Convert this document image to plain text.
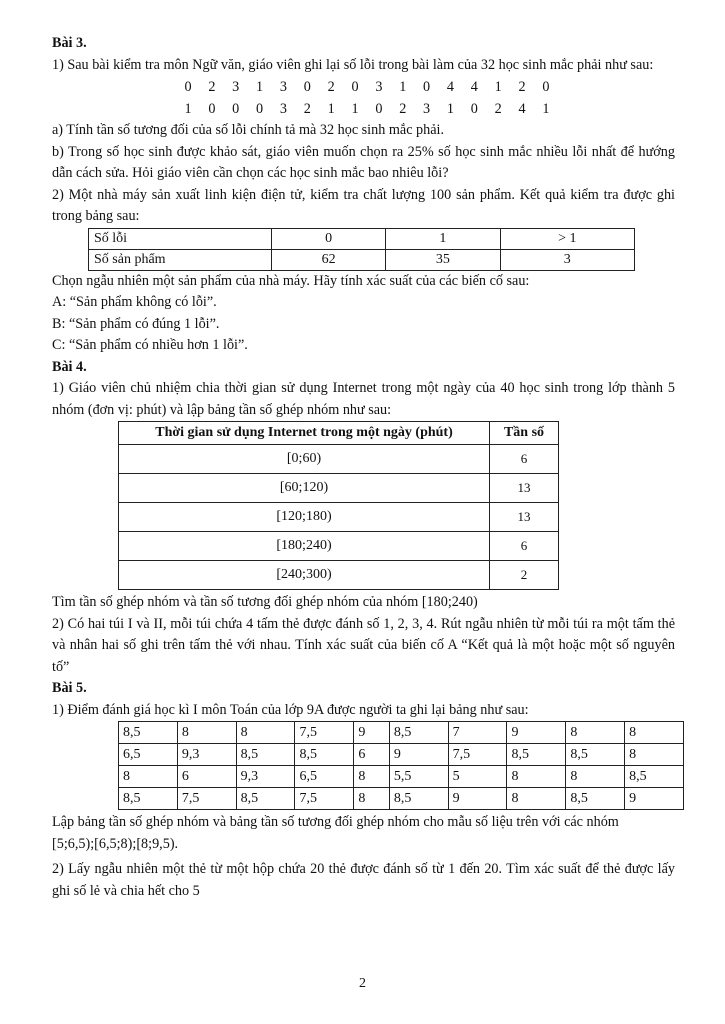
Bài 3.

1) Sau bài kiểm tra môn Ngữ văn, giáo viên ghi lại số lỗi trong bài làm của 32 học sinh mắc phải như sau:

0 2 3 1 3 0 2 0 3 1 0 4 4 1 2 0
1 0 0 0 3 2 1 1 0 2 3 1 0 2 4 1

a) Tính tần số tương đối của số lỗi chính tả mà 32 học sinh mắc phải.

b) Trong số học sinh được khảo sát, giáo viên muốn chọn ra 25% số học sinh mắc nhiều lỗi nhất để hướng dẫn cách sửa. Hỏi giáo viên cần chọn các học sinh mắc bao nhiêu lỗi?

2) Một nhà máy sản xuất linh kiện điện tử, kiểm tra chất lượng 100 sản phẩm. Kết quả kiểm tra được ghi trong bảng sau:

Số lỗi	0	1	> 1
Số sản phẩm	62	35	3

Chọn ngẫu nhiên một sản phẩm của nhà máy. Hãy tính xác suất của các biến cố sau:

A: “Sản phẩm không có lỗi”.

B: “Sản phẩm có đúng 1 lỗi”.

C: “Sản phẩm có nhiều hơn 1 lỗi”.

Bài 4.

1) Giáo viên chủ nhiệm chia thời gian sử dụng Internet trong một ngày của 40 học sinh trong lớp thành 5 nhóm (đơn vị: phút) và lập bảng tần số ghép nhóm như sau:

Thời gian sử dụng Internet trong một ngày (phút)	Tần số
[0;60)	6
[60;120)	13
[120;180)	13
[180;240)	6
[240;300)	2

Tìm tần số ghép nhóm và tần số tương đối ghép nhóm của nhóm [180;240)

2) Có hai túi I và II, mỗi túi chứa 4 tấm thẻ được đánh số 1, 2, 3, 4. Rút ngẫu nhiên từ mỗi túi ra một tấm thẻ và nhân hai số ghi trên tấm thẻ với nhau. Tính xác suất của biến cố A “Kết quả là một hoặc một số nguyên tố”

Bài 5.

1) Điểm đánh giá học kì I môn Toán của lớp 9A được người ta ghi lại bảng như sau:

8,5	8	8	7,5	9	8,5	7	9	8	8
6,5	9,3	8,5	8,5	6	9	7,5	8,5	8,5	8
8	6	9,3	6,5	8	5,5	5	8	8	8,5
8,5	7,5	8,5	7,5	8	8,5	9	8	8,5	9

Lập bảng tần số ghép nhóm và bảng tần số tương đối ghép nhóm cho mẫu số liệu trên với các nhóm

[5;6,5);[6,5;8);[8;9,5).

2) Lấy ngẫu nhiên một thẻ từ một hộp chứa 20 thẻ được đánh số từ 1 đến 20. Tìm xác suất để thẻ được lấy ghi số lẻ và chia hết cho 5

2
